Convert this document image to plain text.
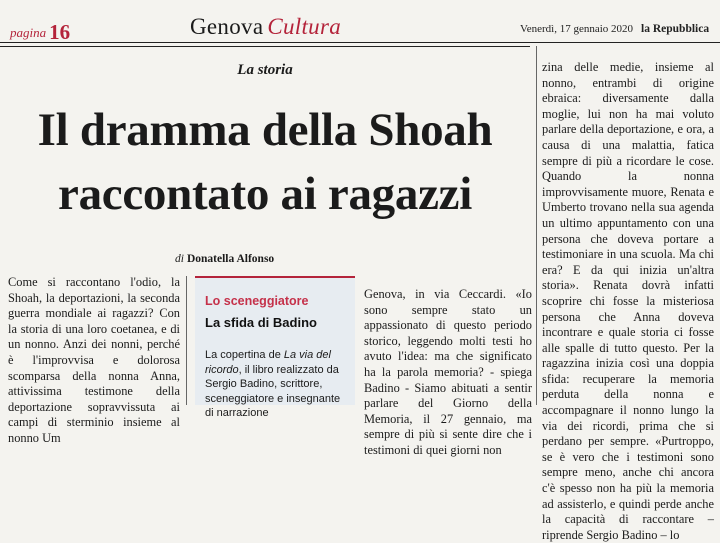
pagina 16	Genova Cultura	Venerdì, 17 gennaio 2020 la Repubblica
La storia
Il dramma della Shoah
raccontato ai ragazzi
di Donatella Alfonso
Come si raccontano l'odio, la Shoah, la deportazioni, la seconda guerra mondiale ai ragazzi? Con la storia di una loro coetanea, e di un nonno. Anzi dei nonni, perché è l'improvvisa e dolorosa scomparsa della nonna Anna, attivissima testimone della deportazione sopravvissuta ai campi di sterminio insieme al nonno Um
Lo sceneggiatore
La sfida di Badino
La copertina de La via del ricordo, il libro realizzato da Sergio Badino, scrittore, sceneggiatore e insegnante di narrazione
Genova, in via Ceccardi. «Io sono sempre stato un appassionato di questo periodo storico, leggendo molti testi ho avuto l'idea: ma che significato ha la parola memoria? - spiega Badino - Siamo abituati a sentir parlare del Giorno della Memoria, il 27 gennaio, ma sempre di più si sente dire che i testimoni di quei giorni non
zina delle medie, insieme al nonno, entrambi di origine ebraica: diversamente dalla moglie, lui non ha mai voluto parlare della deportazione, e ora, a causa di una malattia, fatica sempre di più a ricordare le cose. Quando la nonna improvvisamente muore, Renata e Umberto trovano nella sua agenda un ultimo appuntamento con una persona che doveva portare a testimoniare in una scuola. Ma chi era? E da qui inizia un'altra storia». Renata dovrà infatti scoprire chi fosse la misteriosa persona che Anna doveva incontrare e quale storia ci fosse alle spalle di tutto questo. Per la ragazzina inizia così una doppia sfida: recuperare la memoria perduta della nonna e accompagnare il nonno lungo la via dei ricordi, prima che si perdano per sempre. «Purtroppo, se è vero che i testimoni sono sempre meno, anche chi ancora c'è spesso non ha più la memoria ad assisterlo, e quindi perde anche la capacità di raccontare – riprende Sergio Badino – lo
